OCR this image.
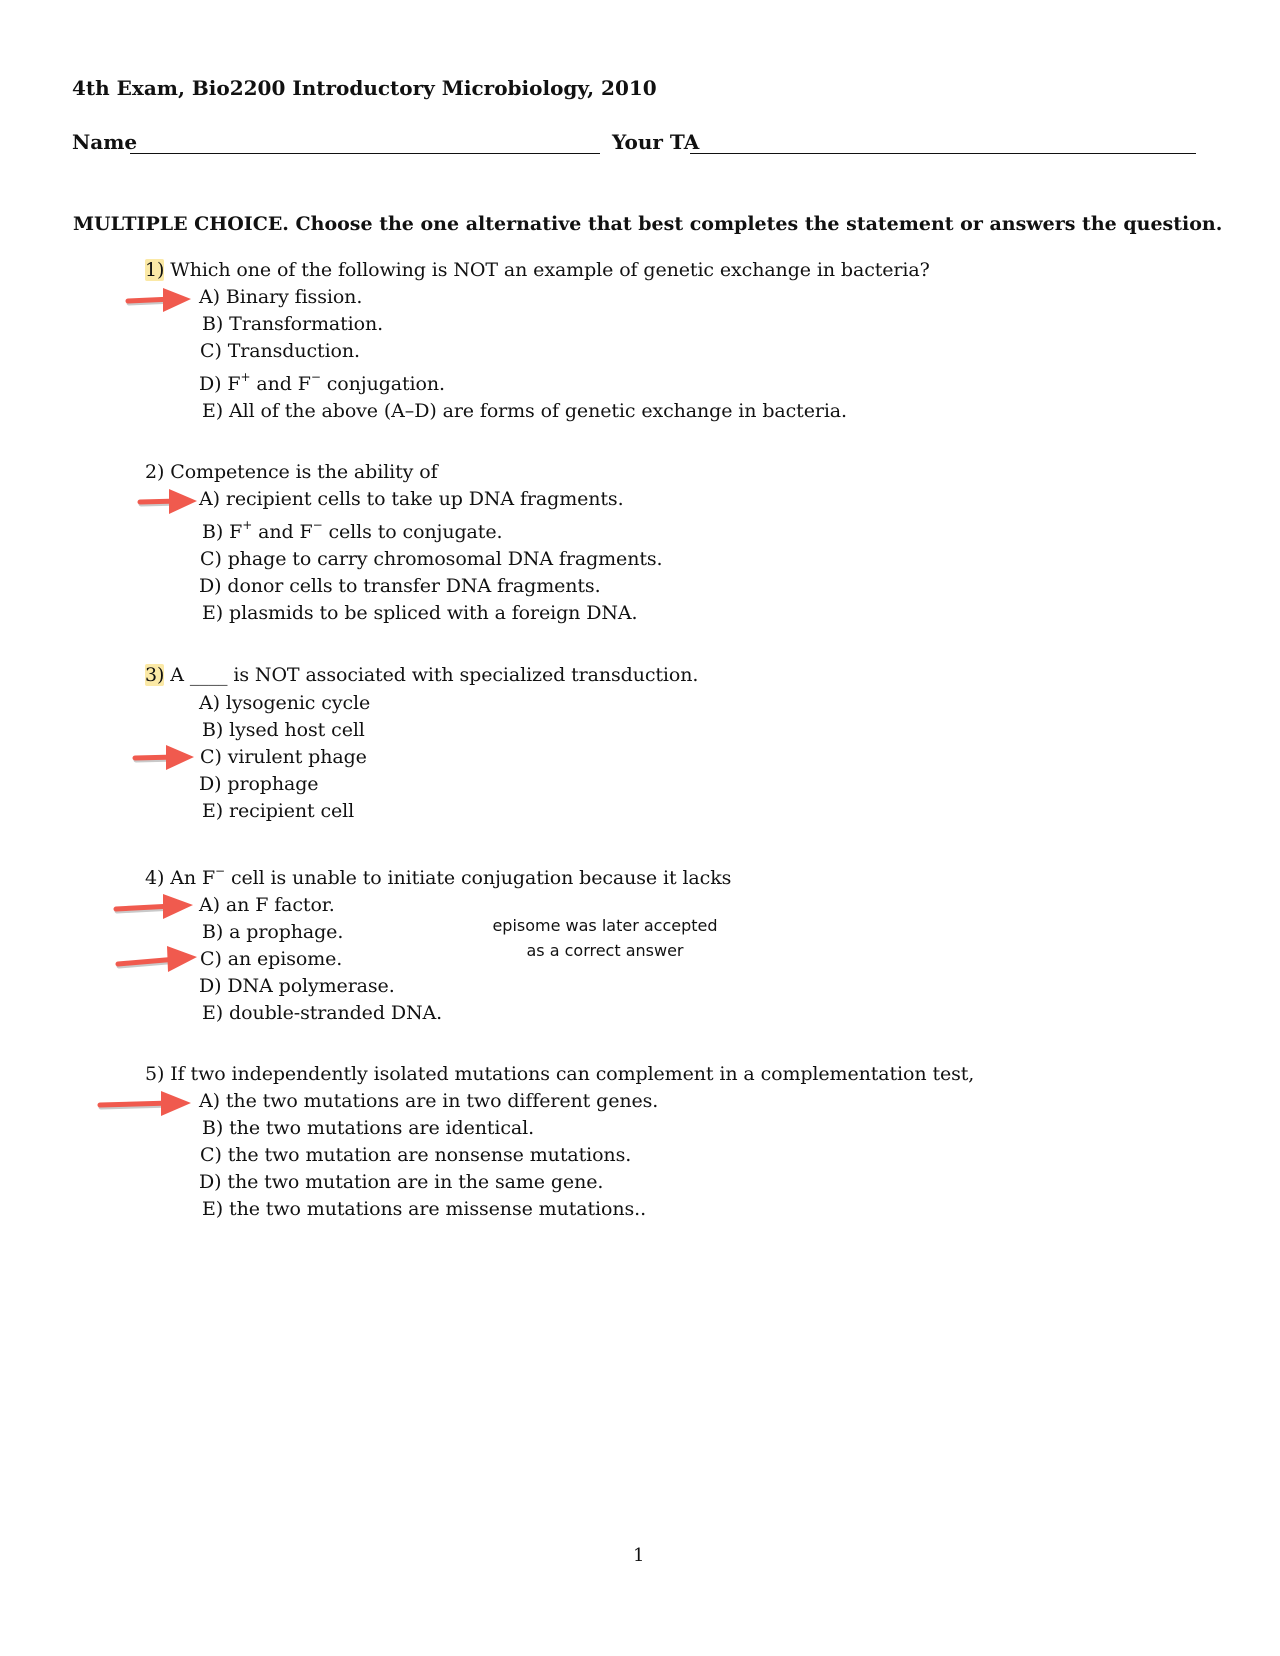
4th Exam, Bio2200 Introductory Microbiology, 2010
Name	Your TA
MULTIPLE CHOICE. Choose the one alternative that best completes the statement or answers the question.
1) Which one of the following is NOT an example of genetic exchange in bacteria?
A) Binary fission.
B) Transformation.
C) Transduction.
D) F+ and F− conjugation.
E) All of the above (A–D) are forms of genetic exchange in bacteria.
2) Competence is the ability of
A) recipient cells to take up DNA fragments.
B) F+ and F− cells to conjugate.
C) phage to carry chromosomal DNA fragments.
D) donor cells to transfer DNA fragments.
E) plasmids to be spliced with a foreign DNA.
3) A ____ is NOT associated with specialized transduction.
A) lysogenic cycle
B) lysed host cell
C) virulent phage
D) prophage
E) recipient cell
4) An F− cell is unable to initiate conjugation because it lacks
A) an F factor.
B) a prophage.
C) an episome.
D) DNA polymerase.
E) double-stranded DNA.
episome was later accepted
as a correct answer
5) If two independently isolated mutations can complement in a complementation test,
A) the two mutations are in two different genes.
B) the two mutations are identical.
C) the two mutation are nonsense mutations.
D) the two mutation are in the same gene.
E) the two mutations are missense mutations..
1
